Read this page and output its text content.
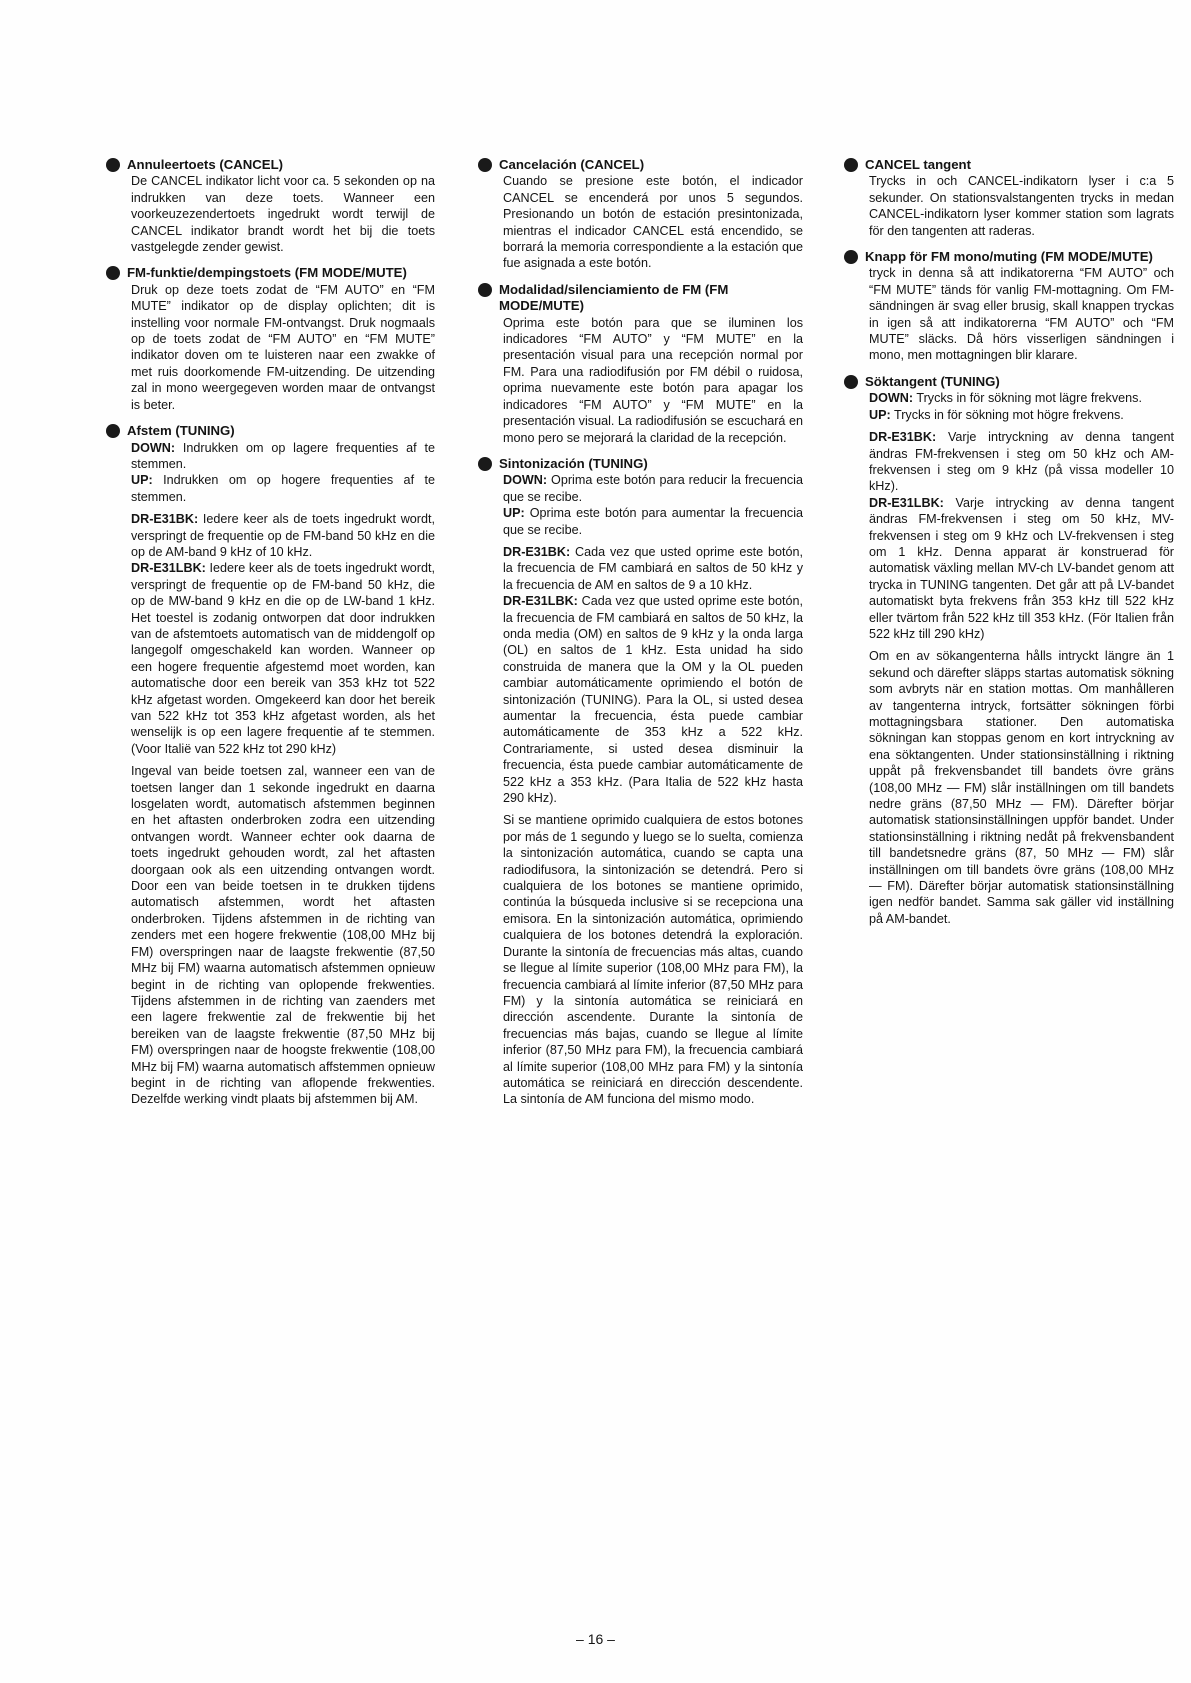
Annuleertoets (CANCEL)

De CANCEL indikator licht voor ca. 5 sekonden op na indrukken van deze toets. Wanneer een voorkeuzezendertoets ingedrukt wordt terwijl de CANCEL indikator brandt wordt het bij die toets vastgelegde zender gewist.

FM-funktie/dempingstoets (FM MODE/MUTE)

Druk op deze toets zodat de “FM AUTO” en “FM MUTE” indikator op de display oplichten; dit is instelling voor normale FM-ontvangst. Druk nogmaals op de toets zodat de “FM AUTO” en “FM MUTE” indikator doven om te luisteren naar een zwakke of met ruis doorkomende FM-uitzending. De uitzending zal in mono weergegeven worden maar de ontvangst is beter.

Afstem (TUNING)

DOWN: Indrukken om op lagere frequenties af te stemmen.
UP: Indrukken om op hogere frequenties af te stemmen.

DR-E31BK: Iedere keer als de toets ingedrukt wordt, verspringt de frequentie op de FM-band 50 kHz en die op de AM-band 9 kHz of 10 kHz.
DR-E31LBK: Iedere keer als de toets ingedrukt wordt, verspringt de frequentie op de FM-band 50 kHz, die op de MW-band 9 kHz en die op de LW-band 1 kHz. Het toestel is zodanig ontworpen dat door indrukken van de afstemtoets automatisch van de middengolf op langegolf omgeschakeld kan worden. Wanneer op een hogere frequentie afgestemd moet worden, kan automatische door een bereik van 353 kHz tot 522 kHz afgetast worden. Omgekeerd kan door het bereik van 522 kHz tot 353 kHz afgetast worden, als het wenselijk is op een lagere frequentie af te stemmen. (Voor Italië van 522 kHz tot 290 kHz)

Ingeval van beide toetsen zal, wanneer een van de toetsen langer dan 1 sekonde ingedrukt en daarna losgelaten wordt, automatisch afstemmen beginnen en het aftasten onderbroken zodra een uitzending ontvangen wordt. Wanneer echter ook daarna de toets ingedrukt gehouden wordt, zal het aftasten doorgaan ook als een uitzending ontvangen wordt. Door een van beide toetsen in te drukken tijdens automatisch afstemmen, wordt het aftasten onderbroken. Tijdens afstemmen in de richting van zenders met een hogere frekwentie (108,00 MHz bij FM) overspringen naar de laagste frekwentie (87,50 MHz bij FM) waarna automatisch afstemmen opnieuw begint in de richting van oplopende frekwenties. Tijdens afstemmen in de richting van zaenders met een lagere frekwentie zal de frekwentie bij het bereiken van de laagste frekwentie (87,50 MHz bij FM) overspringen naar de hoogste frekwentie (108,00 MHz bij FM) waarna automatisch affstemmen opnieuw begint in de richting van aflopende frekwenties. Dezelfde werking vindt plaats bij afstemmen bij AM.

Cancelación (CANCEL)

Cuando se presione este botón, el indicador CANCEL se encenderá por unos 5 segundos. Presionando un botón de estación presintonizada, mientras el indicador CANCEL está encendido, se borrará la memoria correspondiente a la estación que fue asignada a este botón.

Modalidad/silenciamiento de FM (FM MODE/MUTE)

Oprima este botón para que se iluminen los indicadores “FM AUTO” y “FM MUTE” en la presentación visual para una recepción normal por FM. Para una radiodifusión por FM débil o ruidosa, oprima nuevamente este botón para apagar los indicadores “FM AUTO” y “FM MUTE” en la presentación visual. La radiodifusión se escuchará en mono pero se mejorará la claridad de la recepción.

Sintonización (TUNING)

DOWN: Oprima este botón para reducir la frecuencia que se recibe.
UP: Oprima este botón para aumentar la frecuencia que se recibe.

DR-E31BK: Cada vez que usted oprime este botón, la frecuencia de FM cambiará en saltos de 50 kHz y la frecuencia de AM en saltos de 9 a 10 kHz.
DR-E31LBK: Cada vez que usted oprime este botón, la frecuencia de FM cambiará en saltos de 50 kHz, la onda media (OM) en saltos de 9 kHz y la onda larga (OL) en saltos de 1 kHz. Esta unidad ha sido construida de manera que la OM y la OL pueden cambiar automáticamente oprimiendo el botón de sintonización (TUNING). Para la OL, si usted desea aumentar la frecuencia, ésta puede cambiar automáticamente de 353 kHz a 522 kHz. Contrariamente, si usted desea disminuir la frecuencia, ésta puede cambiar automáticamente de 522 kHz a 353 kHz. (Para Italia de 522 kHz hasta 290 kHz).

Si se mantiene oprimido cualquiera de estos botones por más de 1 segundo y luego se lo suelta, comienza la sintonización automática, cuando se capta una radiodifusora, la sintonización se detendrá. Pero si cualquiera de los botones se mantiene oprimido, continúa la búsqueda inclusive si se recepciona una emisora. En la sintonización automática, oprimiendo cualquiera de los botones detendrá la exploración. Durante la sintonía de frecuencias más altas, cuando se llegue al límite superior (108,00 MHz para FM), la frecuencia cambiará al límite inferior (87,50 MHz para FM) y la sintonía automática se reiniciará en dirección ascendente. Durante la sintonía de frecuencias más bajas, cuando se llegue al límite inferior (87,50 MHz para FM), la frecuencia cambiará al límite superior (108,00 MHz para FM) y la sintonía automática se reiniciará en dirección descendente. La sintonía de AM funciona del mismo modo.

CANCEL tangent

Trycks in och CANCEL-indikatorn lyser i c:a 5 sekunder. On stationsvalstangenten trycks in medan CANCEL-indikatorn lyser kommer station som lagrats för den tangenten att raderas.

Knapp för FM mono/muting (FM MODE/MUTE)

tryck in denna så att indikatorerna “FM AUTO” och “FM MUTE” tänds för vanlig FM-mottagning. Om FM-sändningen är svag eller brusig, skall knappen tryckas in igen så att indikatorerna “FM AUTO” och “FM MUTE” släcks. Då hörs visserligen sändningen i mono, men mottagningen blir klarare.

Söktangent (TUNING)

DOWN: Trycks in för sökning mot lägre frekvens.
UP: Trycks in för sökning mot högre frekvens.

DR-E31BK: Varje intryckning av denna tangent ändras FM-frekvensen i steg om 50 kHz och AM-frekvensen i steg om 9 kHz (på vissa modeller 10 kHz).
DR-E31LBK: Varje intrycking av denna tangent ändras FM-frekvensen i steg om 50 kHz, MV-frekvensen i steg om 9 kHz och LV-frekvensen i steg om 1 kHz. Denna apparat är konstruerad för automatisk växling mellan MV-ch LV-bandet genom att trycka in TUNING tangenten. Det går att på LV-bandet automatiskt byta frekvens från 353 kHz till 522 kHz eller tvärtom från 522 kHz till 353 kHz. (För Italien från 522 kHz till 290 kHz)

Om en av sökangenterna hålls intryckt längre än 1 sekund och därefter släpps startas automatisk sökning som avbryts när en station mottas. Om manhålleren av tangenterna intryck, fortsätter sökningen förbi mottagningsbara stationer. Den automatiska sökningan kan stoppas genom en kort intryckning av ena söktangenten. Under stationsinställning i riktning uppåt på frekvensbandet till bandets övre gräns (108,00 MHz — FM) slår inställningen om till bandets nedre gräns (87,50 MHz — FM). Därefter börjar automatisk stationsinställningen uppför bandet. Under stationsinställning i riktning nedåt på frekvensbandent till bandetsnedre gräns (87, 50 MHz — FM) slår inställningen om till bandets övre gräns (108,00 MHz — FM). Därefter börjar automatisk stationsinställning igen nedför bandet. Samma sak gäller vid inställning på AM-bandet.

– 16 –
